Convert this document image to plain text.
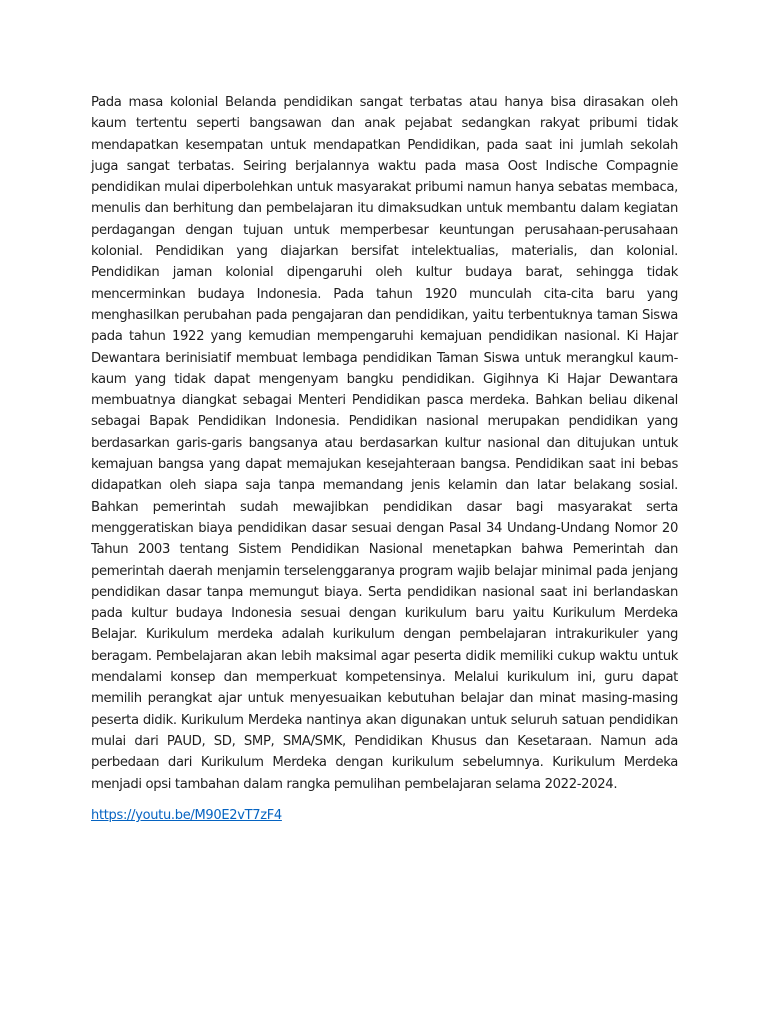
Pada masa kolonial Belanda pendidikan sangat terbatas atau hanya bisa dirasakan oleh kaum tertentu seperti bangsawan dan anak pejabat sedangkan rakyat pribumi tidak mendapatkan kesempatan untuk mendapatkan Pendidikan, pada saat ini jumlah sekolah juga sangat terbatas. Seiring berjalannya waktu pada masa Oost Indische Compagnie pendidikan mulai diperbolehkan untuk masyarakat pribumi namun hanya sebatas membaca, menulis dan berhitung dan pembelajaran itu dimaksudkan untuk membantu dalam kegiatan perdagangan dengan tujuan untuk memperbesar keuntungan perusahaan-perusahaan kolonial. Pendidikan yang diajarkan bersifat intelektualias, materialis, dan kolonial. Pendidikan jaman kolonial dipengaruhi oleh kultur budaya barat, sehingga tidak mencerminkan budaya Indonesia. Pada tahun 1920 munculah cita-cita baru yang menghasilkan perubahan pada pengajaran dan pendidikan, yaitu terbentuknya taman Siswa pada tahun 1922 yang kemudian mempengaruhi kemajuan pendidikan nasional. Ki Hajar Dewantara berinisiatif membuat lembaga pendidikan Taman Siswa untuk merangkul kaum-kaum yang tidak dapat mengenyam bangku pendidikan. Gigihnya Ki Hajar Dewantara membuatnya diangkat sebagai Menteri Pendidikan pasca merdeka. Bahkan beliau dikenal sebagai Bapak Pendidikan Indonesia. Pendidikan nasional merupakan pendidikan yang berdasarkan garis-garis bangsanya atau berdasarkan kultur nasional dan ditujukan untuk kemajuan bangsa yang dapat memajukan kesejahteraan bangsa. Pendidikan saat ini bebas didapatkan oleh siapa saja tanpa memandang jenis kelamin dan latar belakang sosial. Bahkan pemerintah sudah mewajibkan pendidikan dasar bagi masyarakat serta menggeratiskan biaya pendidikan dasar sesuai dengan Pasal 34 Undang-Undang Nomor 20 Tahun 2003 tentang Sistem Pendidikan Nasional menetapkan bahwa Pemerintah dan pemerintah daerah menjamin terselenggaranya program wajib belajar minimal pada jenjang pendidikan dasar tanpa memungut biaya. Serta pendidikan nasional saat ini berlandaskan pada kultur budaya Indonesia sesuai dengan kurikulum baru yaitu Kurikulum Merdeka Belajar. Kurikulum merdeka adalah kurikulum dengan pembelajaran intrakurikuler yang beragam. Pembelajaran akan lebih maksimal agar peserta didik memiliki cukup waktu untuk mendalami konsep dan memperkuat kompetensinya. Melalui kurikulum ini, guru dapat memilih perangkat ajar untuk menyesuaikan kebutuhan belajar dan minat masing-masing peserta didik. Kurikulum Merdeka nantinya akan digunakan untuk seluruh satuan pendidikan mulai dari PAUD, SD, SMP, SMA/SMK, Pendidikan Khusus dan Kesetaraan. Namun ada perbedaan dari Kurikulum Merdeka dengan kurikulum sebelumnya. Kurikulum Merdeka menjadi opsi tambahan dalam rangka pemulihan pembelajaran selama 2022-2024.

https://youtu.be/M90E2vT7zF4
